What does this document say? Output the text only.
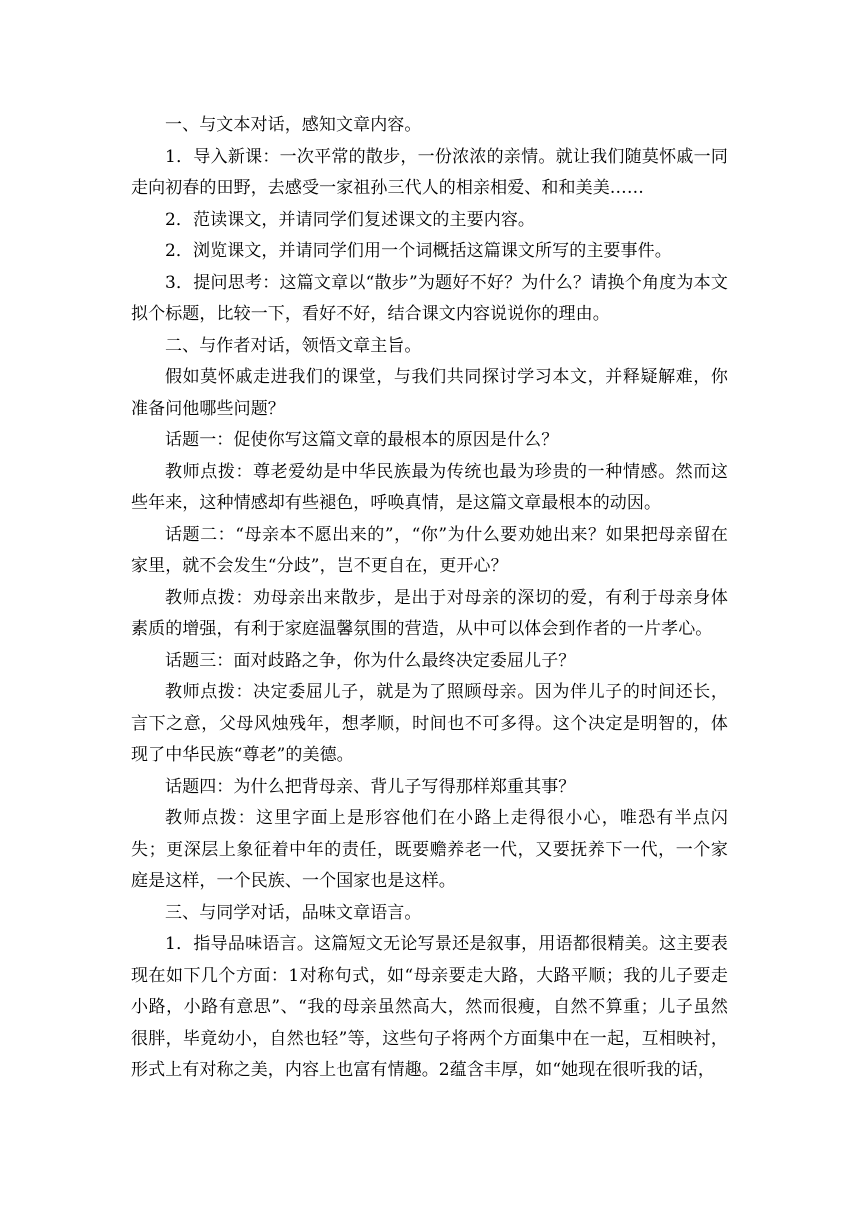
一、与文本对话，感知文章内容。

1．导入新课：一次平常的散步，一份浓浓的亲情。就让我们随莫怀戚一同走向初春的田野，去感受一家祖孙三代人的相亲相爱、和和美美……

2．范读课文，并请同学们复述课文的主要内容。

2．浏览课文，并请同学们用一个词概括这篇课文所写的主要事件。

3．提问思考：这篇文章以“散步”为题好不好？为什么？请换个角度为本文拟个标题，比较一下，看好不好，结合课文内容说说你的理由。

二、与作者对话，领悟文章主旨。

假如莫怀戚走进我们的课堂，与我们共同探讨学习本文，并释疑解难，你准备问他哪些问题？

话题一：促使你写这篇文章的最根本的原因是什么？

教师点拨：尊老爱幼是中华民族最为传统也最为珍贵的一种情感。然而这些年来，这种情感却有些褪色，呼唤真情，是这篇文章最根本的动因。

话题二：“母亲本不愿出来的”，“你”为什么要劝她出来？如果把母亲留在家里，就不会发生“分歧”，岂不更自在，更开心？

教师点拨：劝母亲出来散步，是出于对母亲的深切的爱，有利于母亲身体素质的增强，有利于家庭温馨氛围的营造，从中可以体会到作者的一片孝心。

话题三：面对歧路之争，你为什么最终决定委屈儿子？

教师点拨：决定委屈儿子，就是为了照顾母亲。因为伴儿子的时间还长，言下之意，父母风烛残年，想孝顺，时间也不可多得。这个决定是明智的，体现了中华民族“尊老”的美德。

话题四：为什么把背母亲、背儿子写得那样郑重其事？

教师点拨：这里字面上是形容他们在小路上走得很小心，唯恐有半点闪失；更深层上象征着中年的责任，既要赡养老一代，又要抚养下一代，一个家庭是这样，一个民族、一个国家也是这样。

三、与同学对话，品味文章语言。

1．指导品味语言。这篇短文无论写景还是叙事，用语都很精美。这主要表现在如下几个方面：1对称句式，如“母亲要走大路，大路平顺；我的儿子要走小路，小路有意思”、“我的母亲虽然高大，然而很瘦，自然不算重；儿子虽然很胖，毕竟幼小，自然也轻”等，这些句子将两个方面集中在一起，互相映衬，形式上有对称之美，内容上也富有情趣。2蕴含丰厚，如“她现在很听我的话，
